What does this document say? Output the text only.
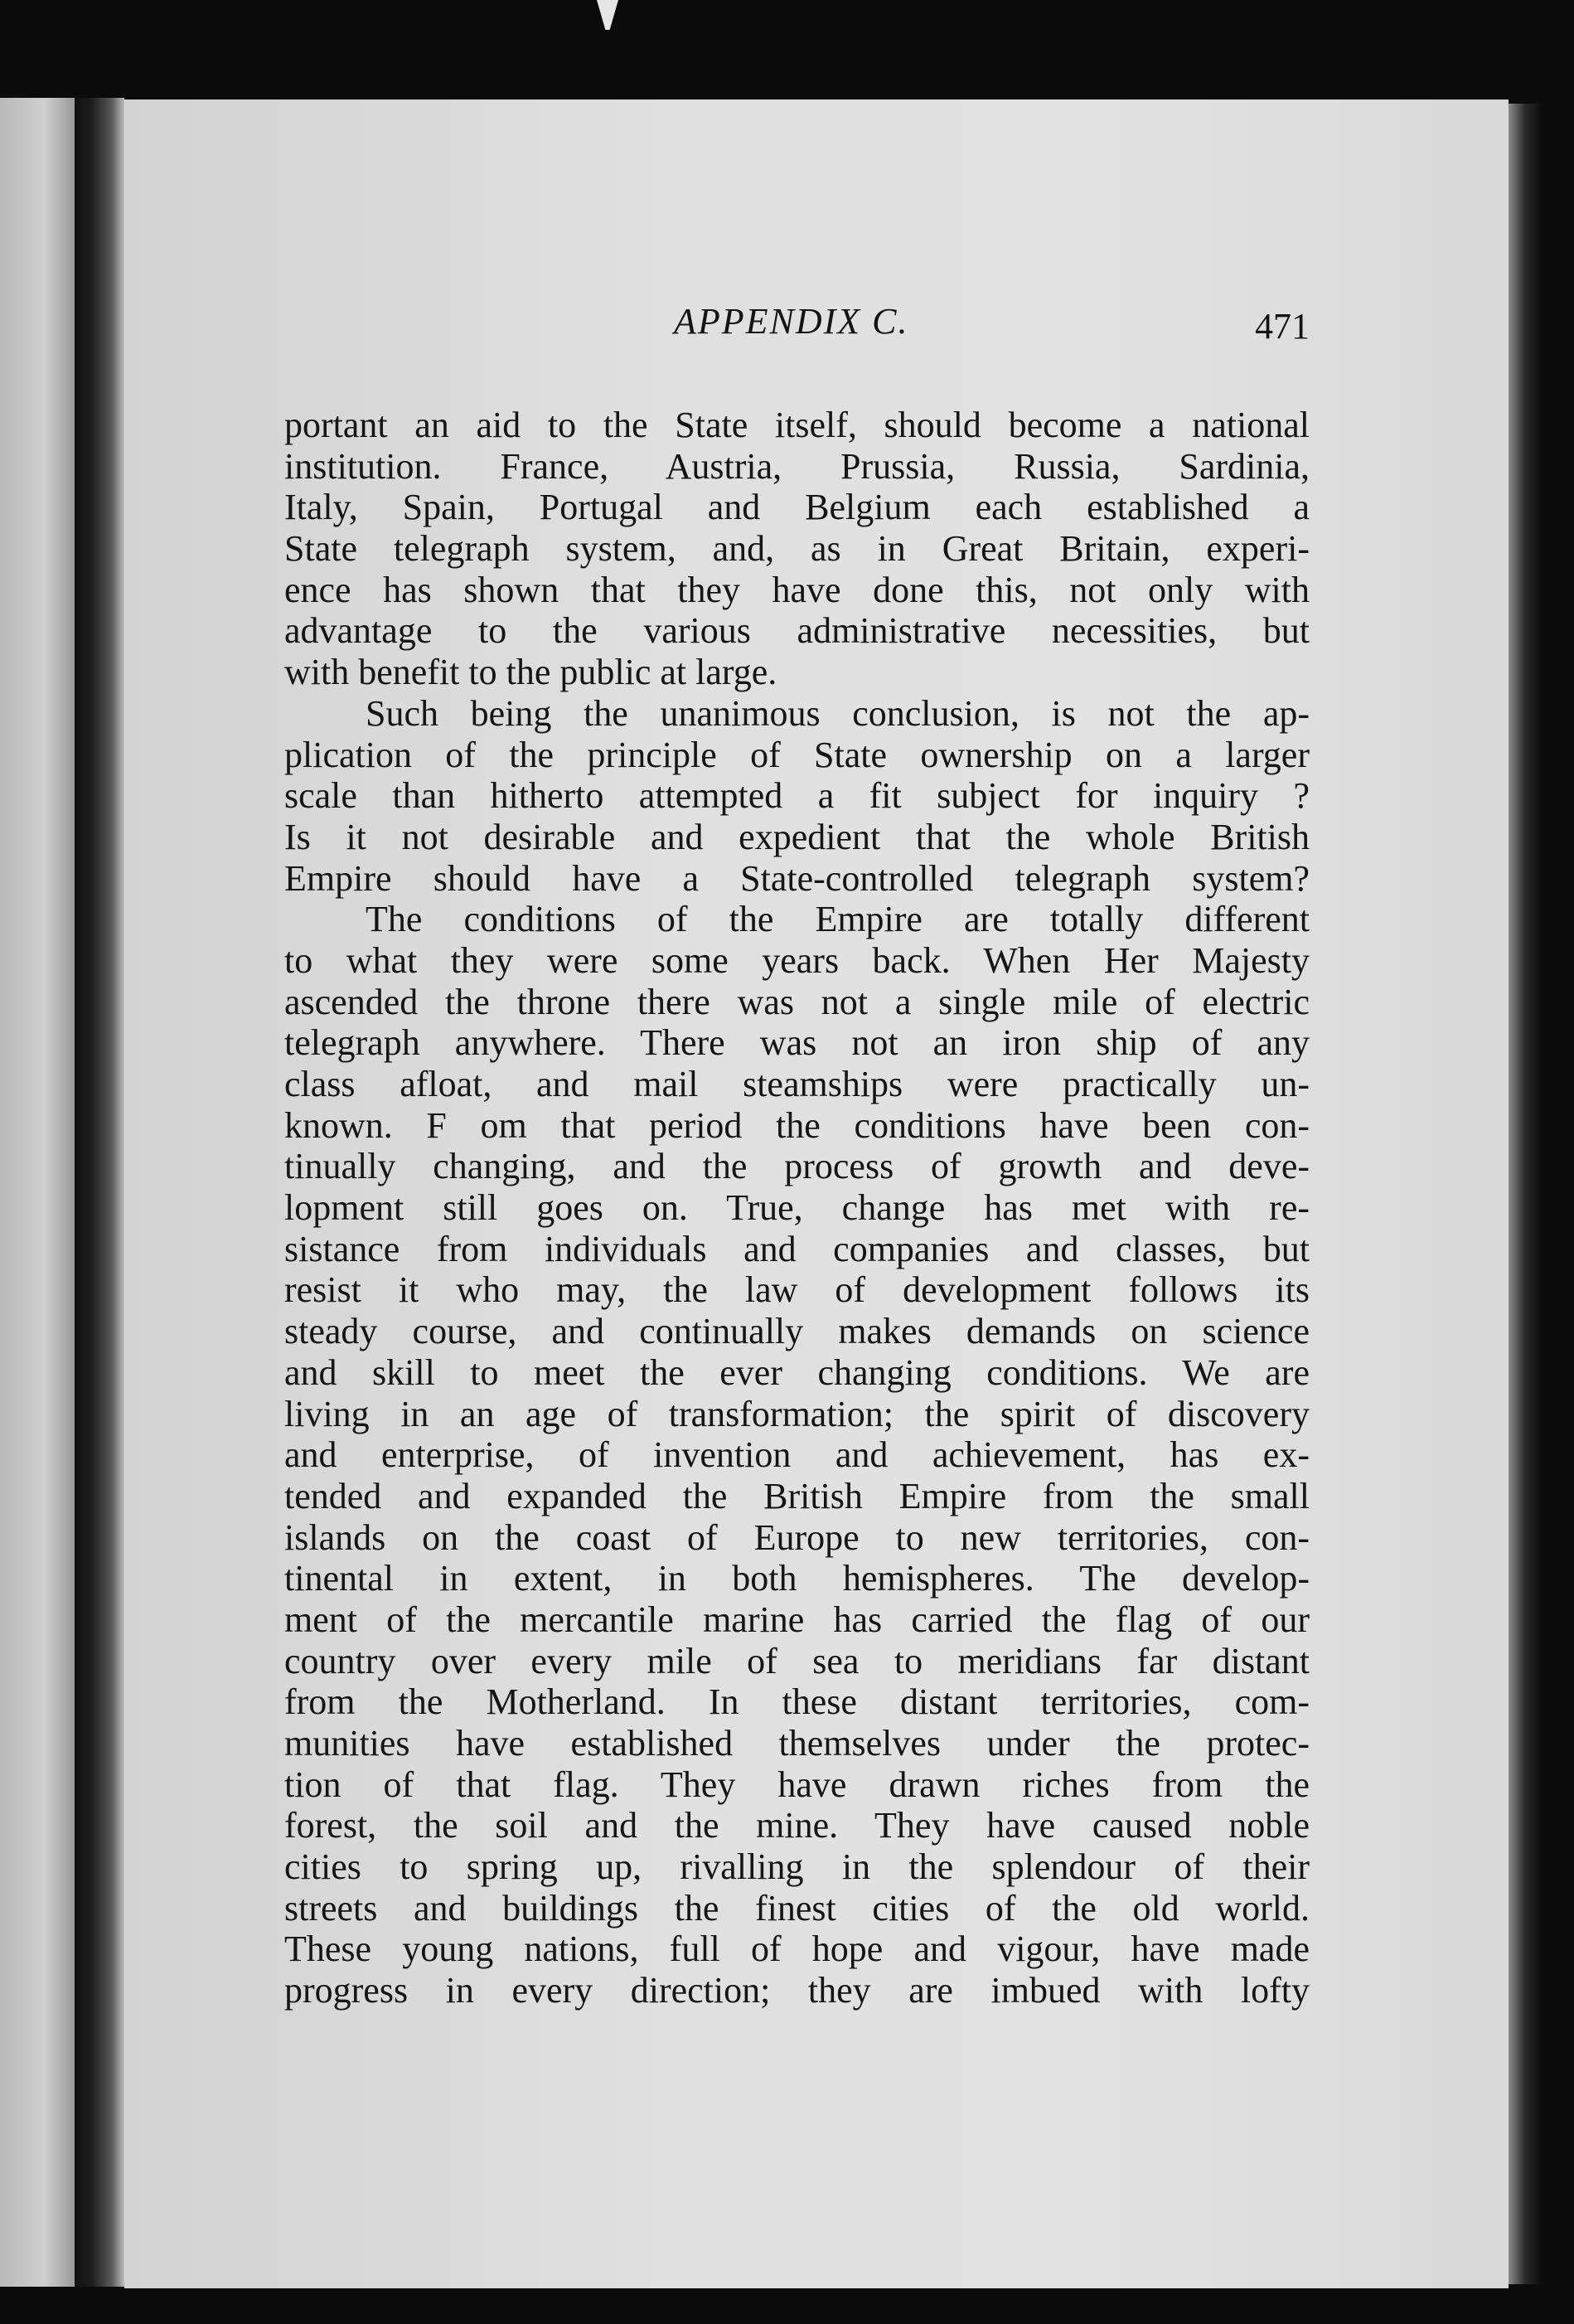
APPENDIX C.	471
portant an aid to the State itself, should become a national
institution. France, Austria, Prussia, Russia, Sardinia,
Italy, Spain, Portugal and Belgium each established a
State telegraph system, and, as in Great Britain, experi-
ence has shown that they have done this, not only with
advantage to the various administrative necessities, but
with benefit to the public at large.
Such being the unanimous conclusion, is not the ap-
plication of the principle of State ownership on a larger
scale than hitherto attempted a fit subject for inquiry ?
Is it not desirable and expedient that the whole British
Empire should have a State-controlled telegraph system?
The conditions of the Empire are totally different
to what they were some years back. When Her Majesty
ascended the throne there was not a single mile of electric
telegraph anywhere. There was not an iron ship of any
class afloat, and mail steamships were practically un-
known. F om that period the conditions have been con-
tinually changing, and the process of growth and deve-
lopment still goes on. True, change has met with re-
sistance from individuals and companies and classes, but
resist it who may, the law of development follows its
steady course, and continually makes demands on science
and skill to meet the ever changing conditions. We are
living in an age of transformation; the spirit of discovery
and enterprise, of invention and achievement, has ex-
tended and expanded the British Empire from the small
islands on the coast of Europe to new territories, con-
tinental in extent, in both hemispheres. The develop-
ment of the mercantile marine has carried the flag of our
country over every mile of sea to meridians far distant
from the Motherland. In these distant territories, com-
munities have established themselves under the protec-
tion of that flag. They have drawn riches from the
forest, the soil and the mine. They have caused noble
cities to spring up, rivalling in the splendour of their
streets and buildings the finest cities of the old world.
These young nations, full of hope and vigour, have made
progress in every direction; they are imbued with lofty
